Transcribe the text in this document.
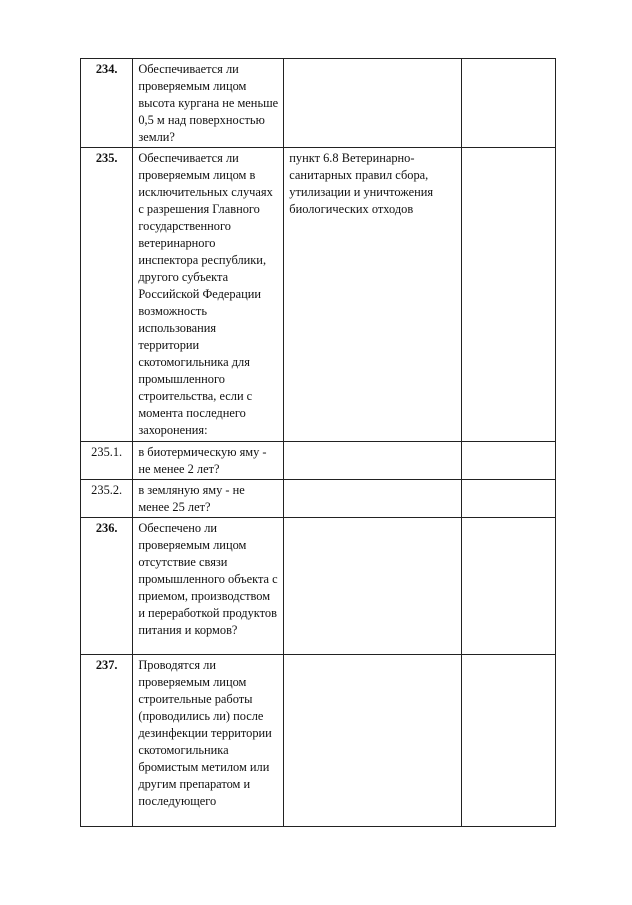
234.	Обеспечивается ли проверяемым лицом высота кургана не меньше 0,5 м над поверхностью земли?		
235.	Обеспечивается ли проверяемым лицом в исключительных случаях с разрешения Главного государственного ветеринарного инспектора республики, другого субъекта Российской Федерации возможность использования территории скотомогильника для промышленного строительства, если с момента последнего захоронения:	пункт 6.8 Ветеринарно-санитарных правил сбора, утилизации и уничтожения биологических отходов	
235.1.	в биотермическую яму - не менее 2 лет?		
235.2.	в земляную яму - не менее 25 лет?		
236.	Обеспечено ли проверяемым лицом отсутствие связи промышленного объекта с приемом, производством и переработкой продуктов питания и кормов?		
237.	Проводятся ли проверяемым лицом строительные работы (проводились ли) после дезинфекции территории скотомогильника бромистым метилом или другим препаратом и последующего		
